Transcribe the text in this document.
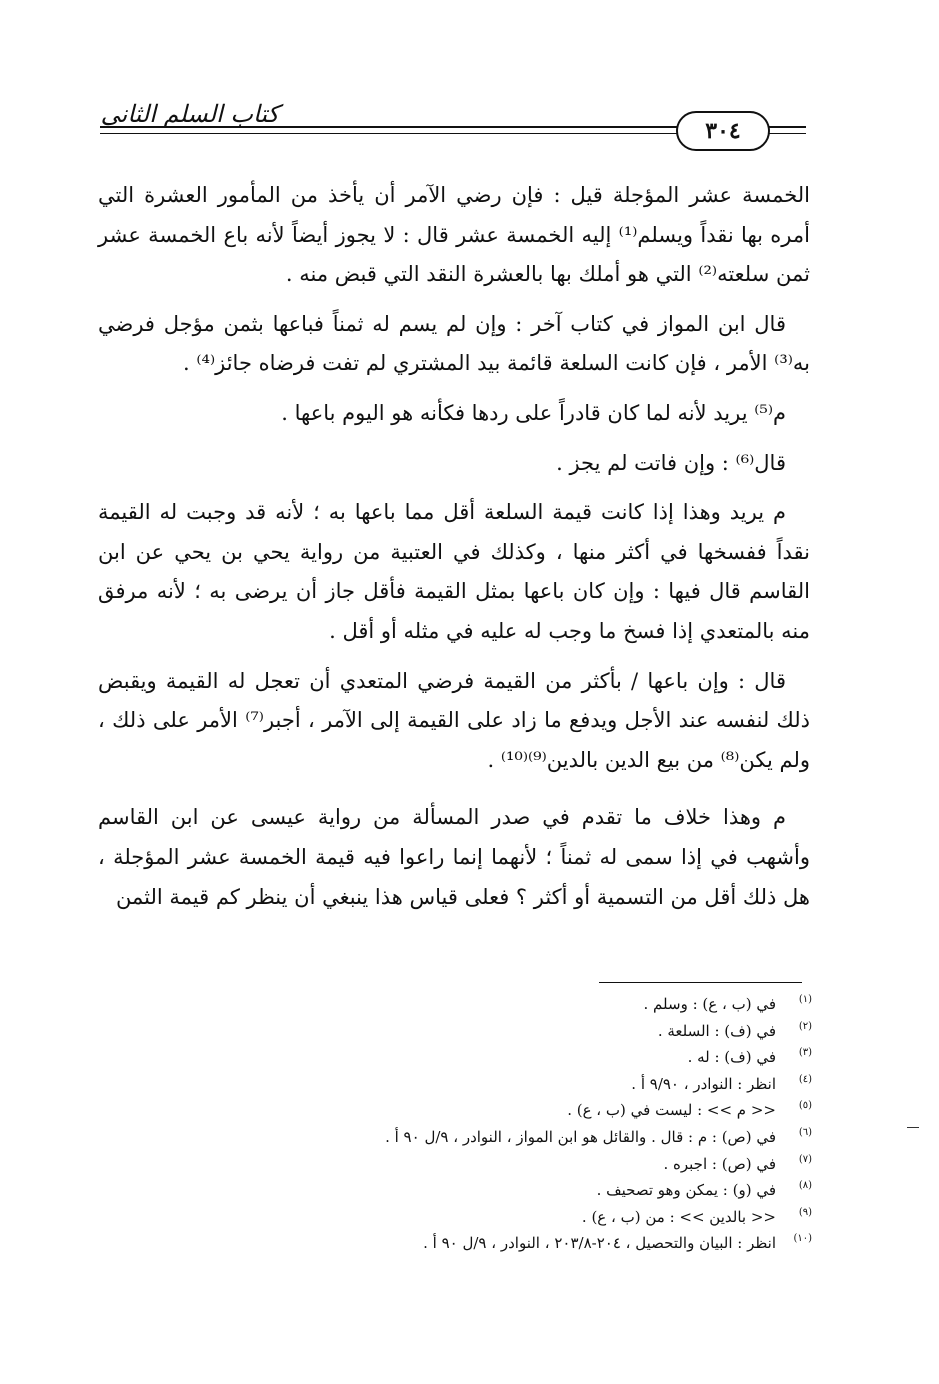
كتاب السلم الثاني
٣٠٤

الخمسة عشر المؤجلة قيل : فإن رضي الآمر أن يأخذ من المأمور العشرة التي أمره بها نقداً ويسلم⁽¹⁾ إليه الخمسة عشر قال : لا يجوز أيضاً لأنه باع الخمسة عشر ثمن سلعته⁽²⁾ التي هو أملك بها بالعشرة النقد التي قبض منه .

قال ابن المواز في كتاب آخر : وإن لم يسم له ثمناً فباعها بثمن مؤجل فرضي به⁽³⁾ الأمر ، فإن كانت السلعة قائمة بيد المشتري لم تفت فرضاه جائز⁽⁴⁾ .

م⁽⁵⁾ يريد لأنه لما كان قادراً على ردها فكأنه هو اليوم باعها .

قال⁽⁶⁾ : وإن فاتت لم يجز .

م يريد وهذا إذا كانت قيمة السلعة أقل مما باعها به ؛ لأنه قد وجبت له القيمة نقداً ففسخها في أكثر منها ، وكذلك في العتبية من رواية يحي بن يحي عن ابن القاسم قال فيها : وإن كان باعها بمثل القيمة فأقل جاز أن يرضى به ؛ لأنه مرفق منه بالمتعدي إذا فسخ ما وجب له عليه في مثله أو أقل .

قال : وإن باعها / بأكثر من القيمة فرضي المتعدي أن تعجل له القيمة ويقبض ذلك لنفسه عند الأجل ويدفع ما زاد على القيمة إلى الآمر ، أجبر⁽⁷⁾ الأمر على ذلك ، ولم يكن⁽⁸⁾ من بيع الدين بالدين⁽⁹⁾⁽¹⁰⁾ .

م وهذا خلاف ما تقدم في صدر المسألة من رواية عيسى عن ابن القاسم وأشهب في إذا سمى له ثمناً ؛ لأنهما إنما راعوا فيه قيمة الخمسة عشر المؤجلة ، هل ذلك أقل من التسمية أو أكثر ؟ فعلى قياس هذا ينبغي أن ينظر كم قيمة الثمن

(١)
في (ب ، ع) : وسلم .
(٢)
في (ف) : السلعة .
(٣)
في (ف) : له .
(٤)
انظر : النوادر ، ٩/٩٠ أ .
(٥)
<< م >> : ليست في (ب ، ع) .
(٦)
في (ص) : م : قال . والقائل هو ابن المواز ، النوادر ، ٩/ل ٩٠ أ .
(٧)
في (ص) : اجبره .
(٨)
في (و) : يمكن وهو تصحيف .
(٩)
<< بالدين >> : من (ب ، ع) .
(١٠)
انظر : البيان والتحصيل ، ٢٠٤-٢٠٣/٨ ، النوادر ، ٩/ل ٩٠ أ .
